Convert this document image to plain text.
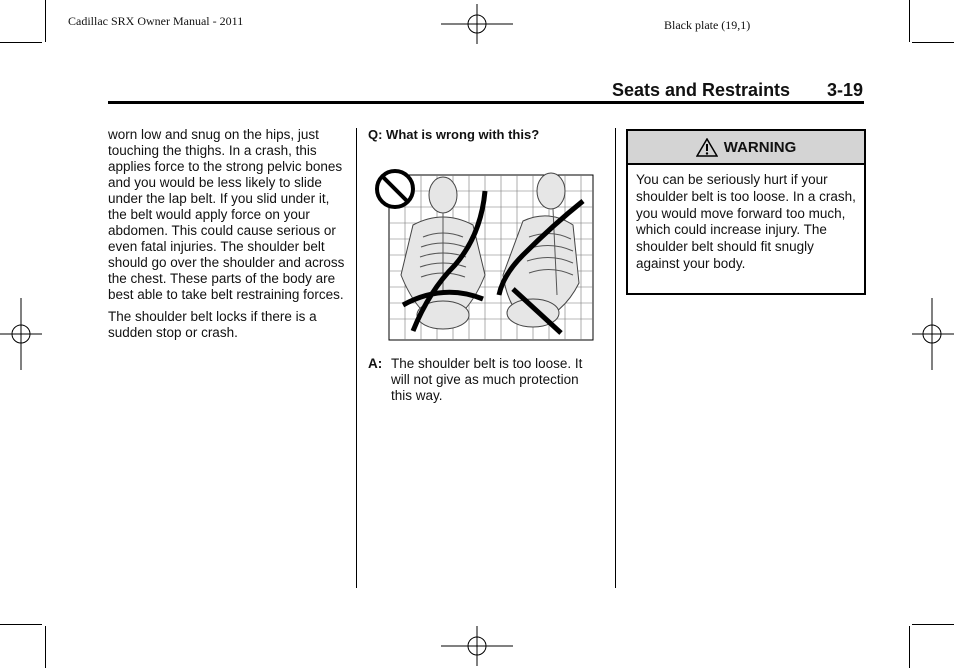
Cadillac SRX Owner Manual - 2011	Black plate (19,1)
Seats and Restraints 3-19

worn low and snug on the hips, just touching the thighs. In a crash, this applies force to the strong pelvic bones and you would be less likely to slide under the lap belt. If you slid under it, the belt would apply force on your abdomen. This could cause serious or even fatal injuries. The shoulder belt should go over the shoulder and across the chest. These parts of the body are best able to take belt restraining forces.

The shoulder belt locks if there is a sudden stop or crash.

Q: What is wrong with this?
A: The shoulder belt is too loose. It will not give as much protection this way.
WARNING
You can be seriously hurt if your shoulder belt is too loose. In a crash, you would move forward too much, which could increase injury. The shoulder belt should fit snugly against your body.
